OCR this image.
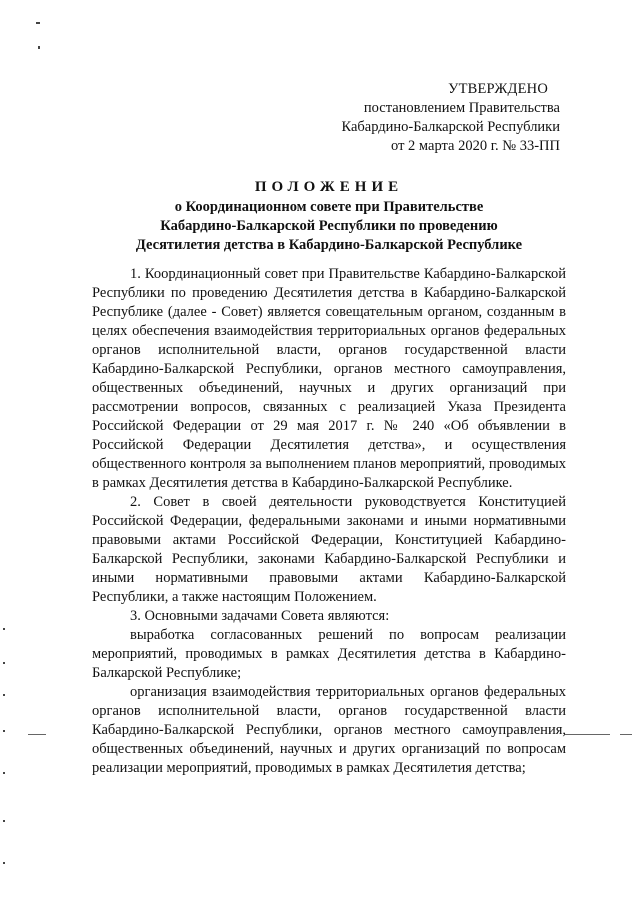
УТВЕРЖДЕНО
постановлением Правительства
Кабардино-Балкарской Республики
от 2 марта 2020 г. № 33-ПП
ПОЛОЖЕНИЕ
о Координационном совете при Правительстве
Кабардино-Балкарской Республики по проведению
Десятилетия детства в Кабардино-Балкарской Республике

1. Координационный совет при Правительстве Кабардино-Балкарской Республики по проведению Десятилетия детства в Кабардино-Балкарской Республике (далее - Совет) является совещательным органом, созданным в целях обеспечения взаимодействия территориальных органов федеральных органов исполнительной власти, органов государственной власти Кабардино-Балкарской Республики, органов местного самоуправления, общественных объединений, научных и других организаций при рассмотрении вопросов, связанных с реализацией Указа Президента Российской Федерации от 29 мая 2017 г. № 240 «Об объявлении в Российской Федерации Десятилетия детства», и осуществления общественного контроля за выполнением планов мероприятий, проводимых в рамках Десятилетия детства в Кабардино-Балкарской Республике.

2. Совет в своей деятельности руководствуется Конституцией Российской Федерации, федеральными законами и иными нормативными правовыми актами Российской Федерации, Конституцией Кабардино-Балкарской Республики, законами Кабардино-Балкарской Республики и иными нормативными правовыми актами Кабардино-Балкарской Республики, а также настоящим Положением.

3. Основными задачами Совета являются:

выработка согласованных решений по вопросам реализации мероприятий, проводимых в рамках Десятилетия детства в Кабардино-Балкарской Республике;

организация взаимодействия территориальных органов федеральных органов исполнительной власти, органов государственной власти Кабардино-Балкарской Республики, органов местного самоуправления, общественных объединений, научных и других организаций по вопросам реализации мероприятий, проводимых в рамках Десятилетия детства;
